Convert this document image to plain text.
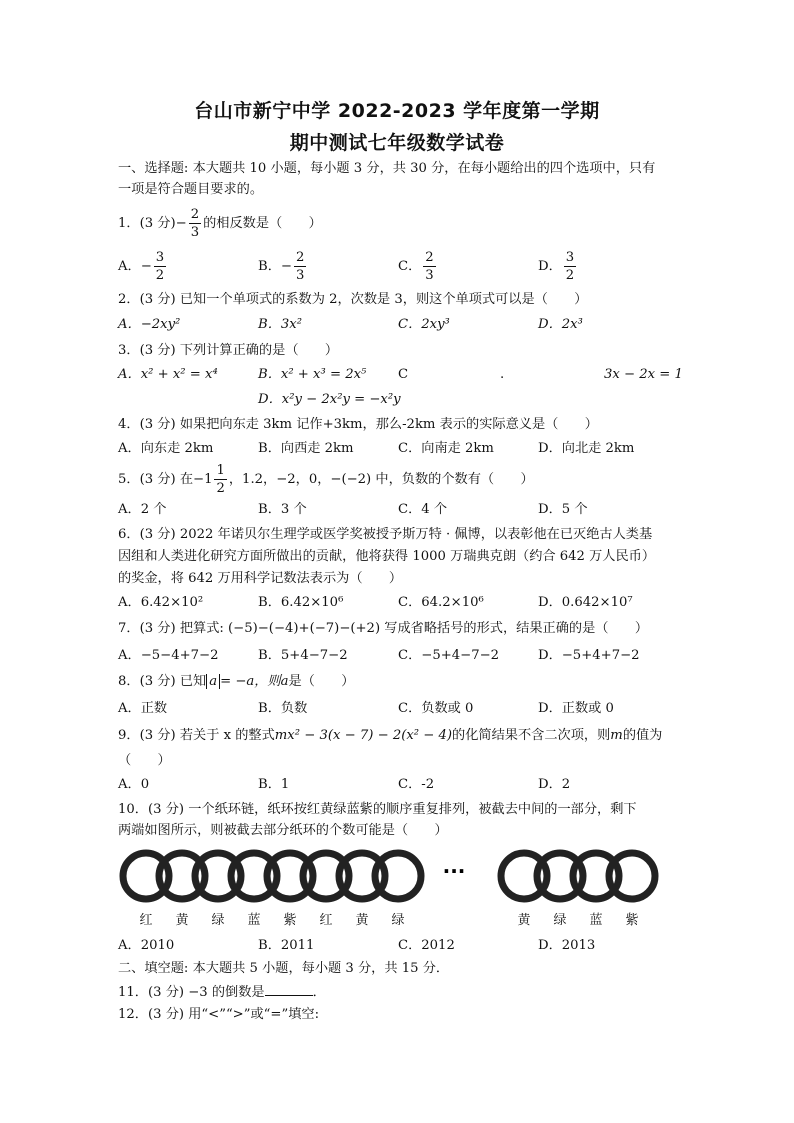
台山市新宁中学 2022-2023 学年度第一学期
期中测试七年级数学试卷
一、选择题: 本大题共 10 小题，每小题 3 分，共 30 分，在每小题给出的四个选项中，只有
一项是符合题目要求的。
1．(3 分)− $\frac{2}{3}$ 的相反数是（　　）
A．− $\frac{3}{2}$	B．− $\frac{2}{3}$	C． $\frac{2}{3}$	D． $\frac{3}{2}$
2．(3 分) 已知一个单项式的系数为 2，次数是 3，则这个单项式可以是（　　）
A．−2xy²	B．3x²	C．2xy³	D．2x³
3．(3 分) 下列计算正确的是（　　）
A．x² + x² = x⁴	B．x² + x³ = 2x⁵ C	.	3x − 2x = 1
D．x²y − 2x²y = −x²y
4．(3 分) 如果把向东走 3km 记作+3km，那么-2km 表示的实际意义是（　　）
A．向东走 2km	B．向西走 2km	C．向南走 2km	D．向北走 2km
5．(3 分) 在$-1 \frac{1}{2}$ ，1.2，−2，0，−(−2) 中，负数的个数有（　　）
A．2 个	B．3 个	C．4 个	D．5 个
6．(3 分) 2022 年诺贝尔生理学或医学奖被授予斯万特 · 佩博，以表彰他在已灭绝古人类基
因组和人类进化研究方面所做出的贡献，他将获得 1000 万瑞典克朗（约合 642 万人民币）
的奖金，将 642 万用科学记数法表示为（　　）
A．6.42×10²	B．6.42×10⁶	C．64.2×10⁶	D．0.642×10⁷
7．(3 分) 把算式: (−5)−(−4)+(−7)−(+2) 写成省略括号的形式，结果正确的是（　　）
A．−5−4+7−2	B．5+4−7−2	C．−5+4−7−2	D．−5+4+7−2
8．(3 分) 已知 a = −a，则a是（　　）
A．正数	B．负数	C．负数或 0	D．正数或 0
9．(3 分) 若关于 x 的整式mx² − 3(x − 7) − 2(x² − 4)的化简结果不含二次项，则m的值为
（　　）
A．0	B．1	C．-2	D．2
10．(3 分) 一个纸环链，纸环按红黄绿蓝紫的顺序重复排列，被截去中间的一部分，剩下
两端如图所示，则被截去部分纸环的个数可能是（　　）
···
红 黄 绿 蓝 紫 红 黄 绿	黄 绿 蓝 紫
A．2010	B．2011	C．2012	D．2013
二、填空题: 本大题共 5 小题，每小题 3 分，共 15 分．
11．(3 分) −3 的倒数是	．
12．(3 分) 用“<”“>”或“=”填空:
